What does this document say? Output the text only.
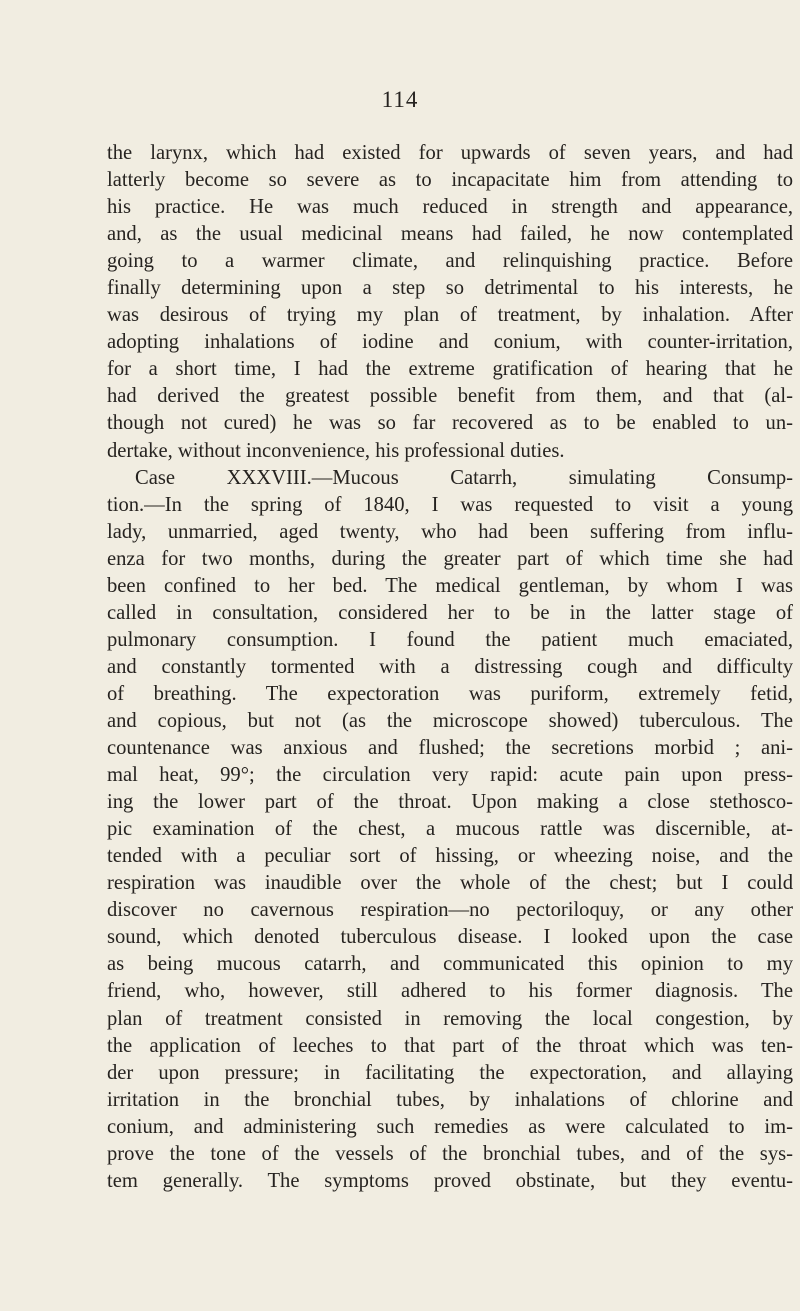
114
the larynx, which had existed for upwards of seven years, and had
latterly become so severe as to incapacitate him from attending to
his practice. He was much reduced in strength and appearance,
and, as the usual medicinal means had failed, he now contemplated
going to a warmer climate, and relinquishing practice. Before
finally determining upon a step so detrimental to his interests, he
was desirous of trying my plan of treatment, by inhalation. After
adopting inhalations of iodine and conium, with counter-irritation,
for a short time, I had the extreme gratification of hearing that he
had derived the greatest possible benefit from them, and that (al-
though not cured) he was so far recovered as to be enabled to un-
dertake, without inconvenience, his professional duties.
Case XXXVIII.—Mucous Catarrh, simulating Consump-
tion.—In the spring of 1840, I was requested to visit a young
lady, unmarried, aged twenty, who had been suffering from influ-
enza for two months, during the greater part of which time she had
been confined to her bed. The medical gentleman, by whom I was
called in consultation, considered her to be in the latter stage of
pulmonary consumption. I found the patient much emaciated,
and constantly tormented with a distressing cough and difficulty
of breathing. The expectoration was puriform, extremely fetid,
and copious, but not (as the microscope showed) tuberculous. The
countenance was anxious and flushed; the secretions morbid ; ani-
mal heat, 99°; the circulation very rapid: acute pain upon press-
ing the lower part of the throat. Upon making a close stethosco-
pic examination of the chest, a mucous rattle was discernible, at-
tended with a peculiar sort of hissing, or wheezing noise, and the
respiration was inaudible over the whole of the chest; but I could
discover no cavernous respiration—no pectoriloquy, or any other
sound, which denoted tuberculous disease. I looked upon the case
as being mucous catarrh, and communicated this opinion to my
friend, who, however, still adhered to his former diagnosis. The
plan of treatment consisted in removing the local congestion, by
the application of leeches to that part of the throat which was ten-
der upon pressure; in facilitating the expectoration, and allaying
irritation in the bronchial tubes, by inhalations of chlorine and
conium, and administering such remedies as were calculated to im-
prove the tone of the vessels of the bronchial tubes, and of the sys-
tem generally. The symptoms proved obstinate, but they eventu-
